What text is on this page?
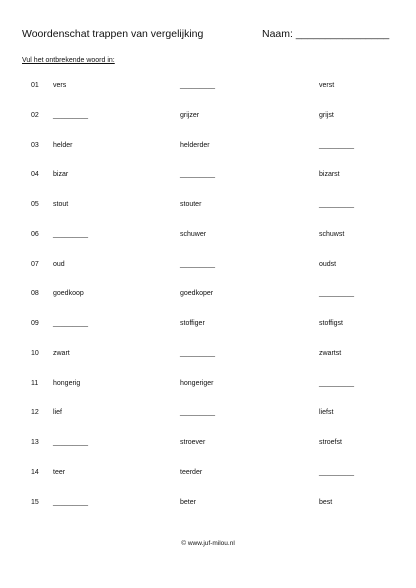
Woordenschat trappen van vergelijking	Naam: ________________
Vul het ontbrekende woord in:
01 vers	_________	verst
02 _________	grijzer	grijst
03 helder	helderder	_________
04 bizar	_________	bizarst
05 stout	stouter	_________
06 _________	schuwer	schuwst
07 oud	_________	oudst
08 goedkoop	goedkoper	_________
09 _________	stoffiger	stoffigst
10 zwart	_________	zwartst
11 hongerig	hongeriger	_________
12 lief	_________	liefst
13 _________	stroever	stroefst
14 teer	teerder	_________
15 _________	beter	best
© www.juf-milou.nl
